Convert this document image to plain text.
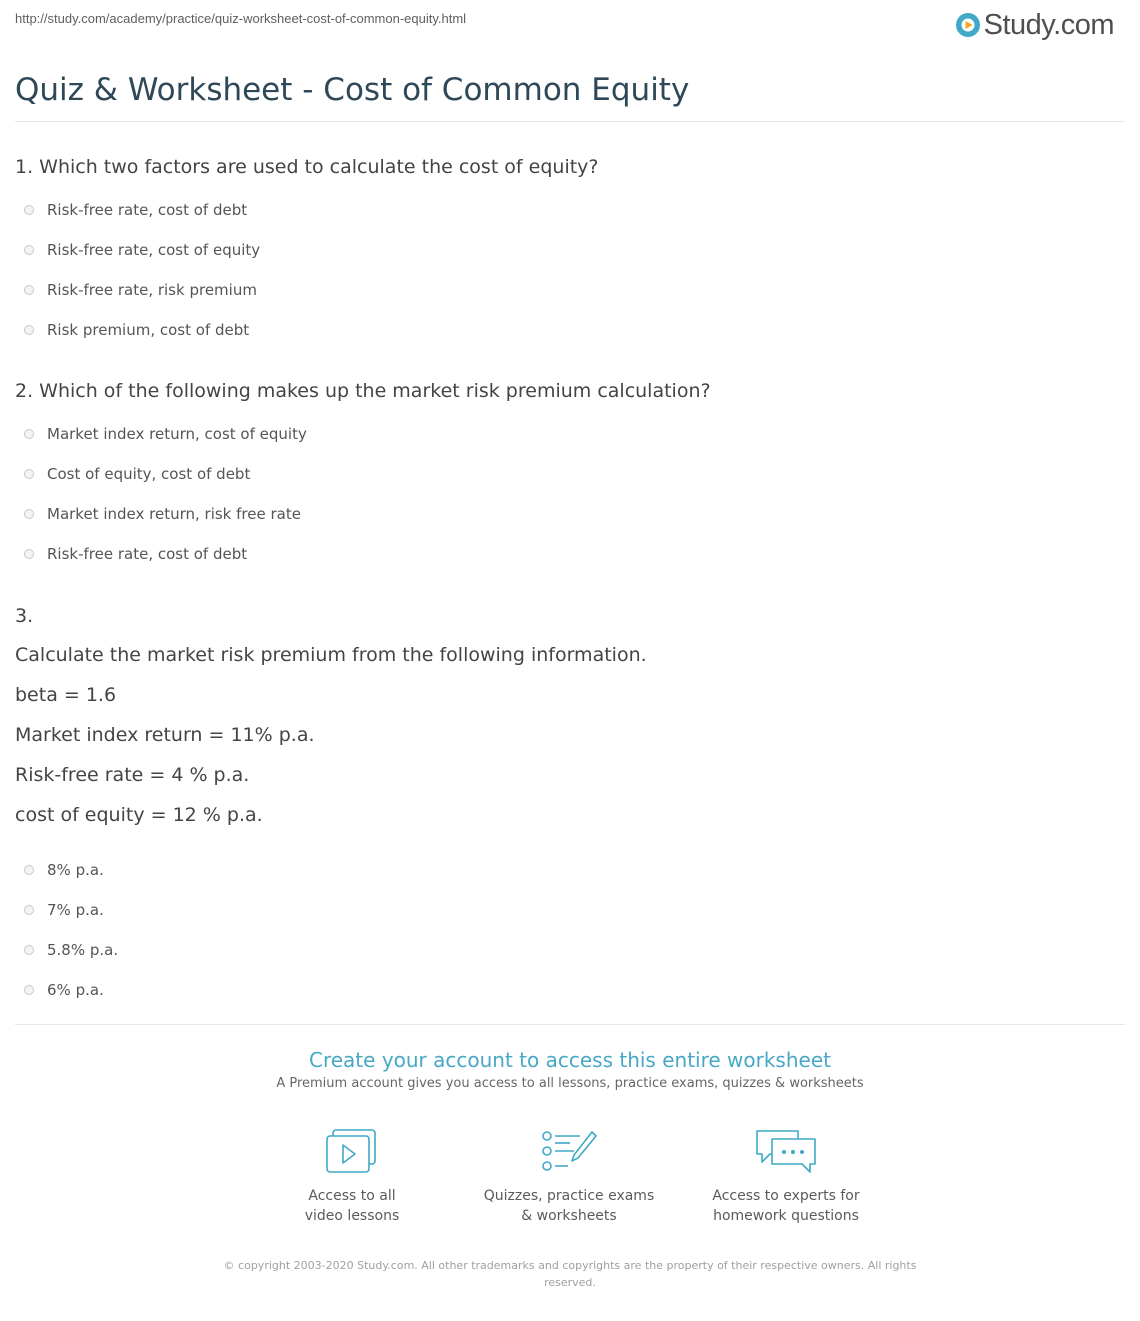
http://study.com/academy/practice/quiz-worksheet-cost-of-common-equity.html	Study.com
Quiz & Worksheet - Cost of Common Equity
1. Which two factors are used to calculate the cost of equity?
Risk-free rate, cost of debt
Risk-free rate, cost of equity
Risk-free rate, risk premium
Risk premium, cost of debt
2. Which of the following makes up the market risk premium calculation?
Market index return, cost of equity
Cost of equity, cost of debt
Market index return, risk free rate
Risk-free rate, cost of debt
3.
Calculate the market risk premium from the following information.
beta = 1.6
Market index return = 11% p.a.
Risk-free rate = 4 % p.a.
cost of equity = 12 % p.a.
8% p.a.
7% p.a.
5.8% p.a.
6% p.a.
Create your account to access this entire worksheet
A Premium account gives you access to all lessons, practice exams, quizzes & worksheets
Access to all
video lessons
Quizzes, practice exams
& worksheets
Access to experts for
homework questions
© copyright 2003-2020 Study.com. All other trademarks and copyrights are the property of their respective owners. All rights reserved.
